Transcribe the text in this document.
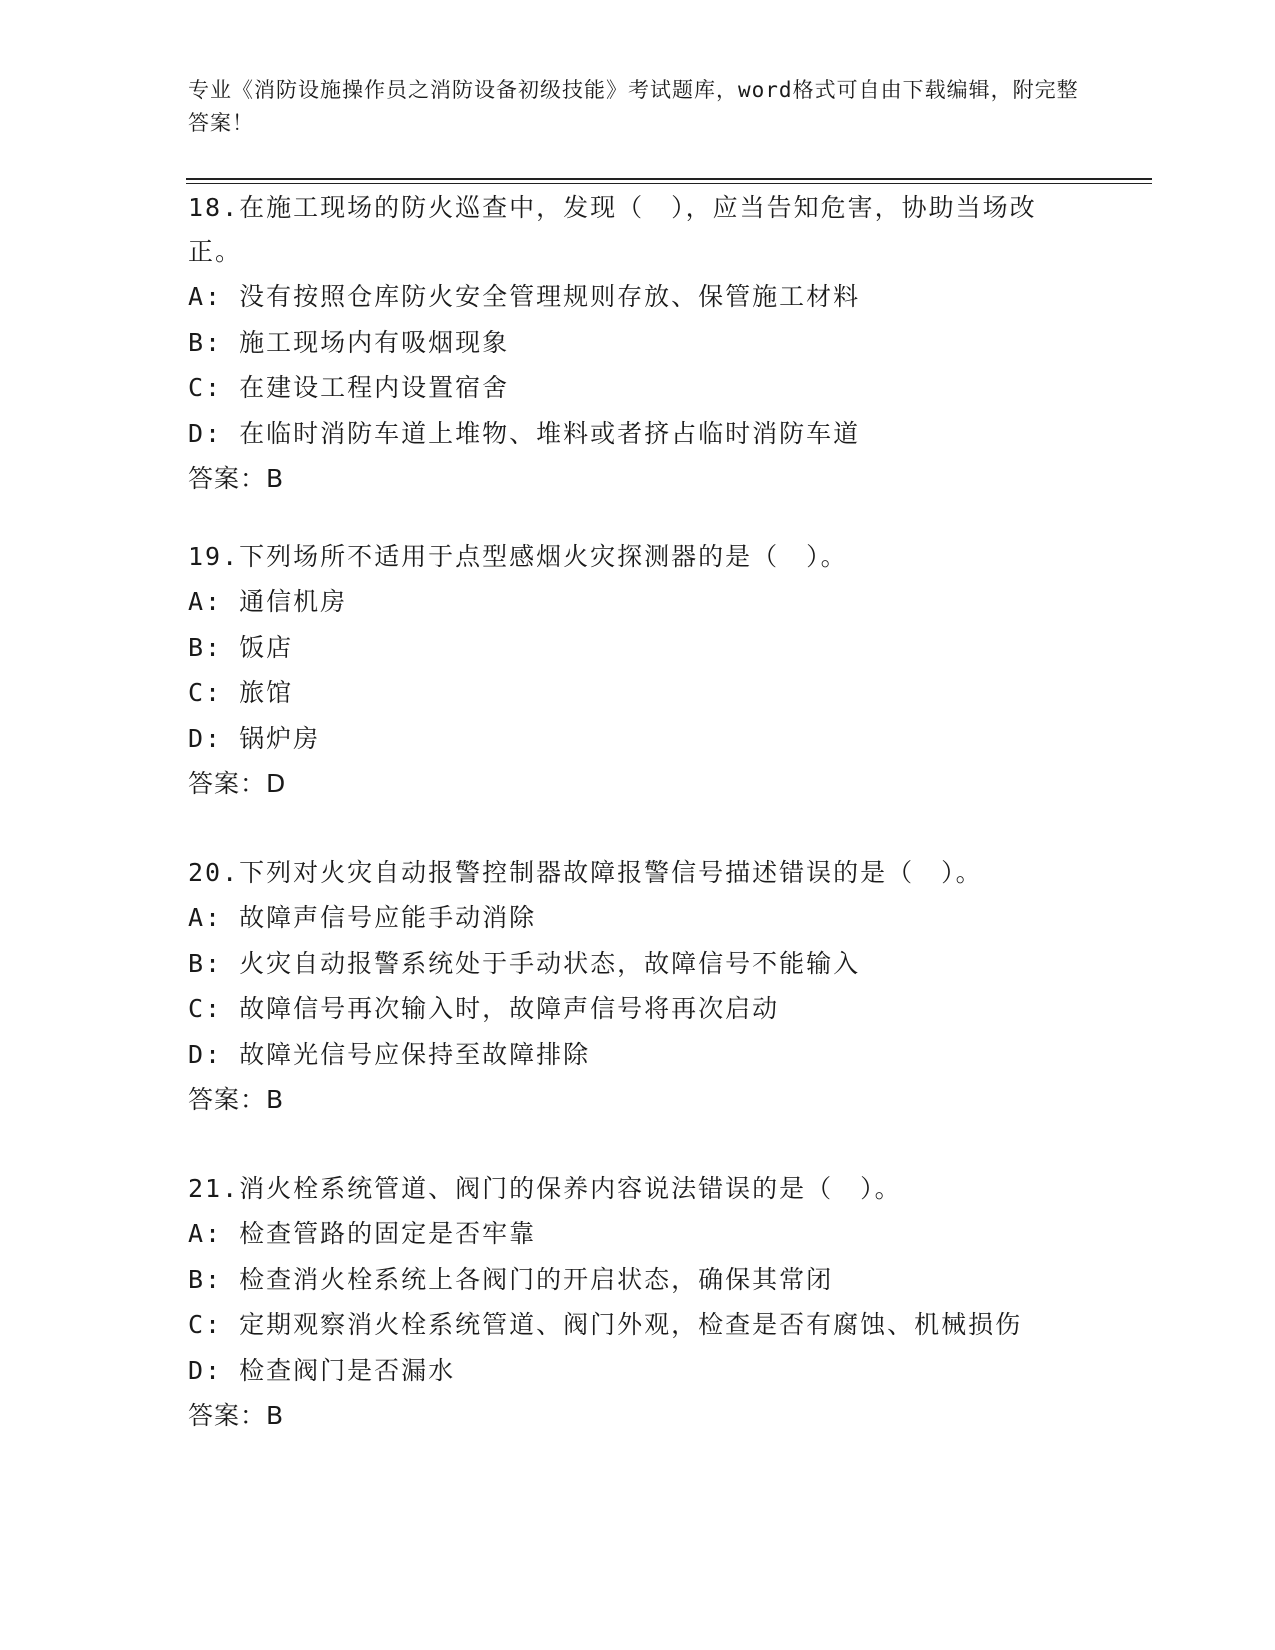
专业《消防设施操作员之消防设备初级技能》考试题库，word格式可自由下载编辑，附完整答案！

18.在施工现场的防火巡查中，发现（　），应当告知危害，协助当场改正。

A: 没有按照仓库防火安全管理规则存放、保管施工材料

B: 施工现场内有吸烟现象

C: 在建设工程内设置宿舍

D: 在临时消防车道上堆物、堆料或者挤占临时消防车道

答案：B

19.下列场所不适用于点型感烟火灾探测器的是（　）。

A: 通信机房

B: 饭店

C: 旅馆

D: 锅炉房

答案：D

20.下列对火灾自动报警控制器故障报警信号描述错误的是（　）。

A: 故障声信号应能手动消除

B: 火灾自动报警系统处于手动状态，故障信号不能输入

C: 故障信号再次输入时，故障声信号将再次启动

D: 故障光信号应保持至故障排除

答案：B

21.消火栓系统管道、阀门的保养内容说法错误的是（　）。

A: 检查管路的固定是否牢靠

B: 检查消火栓系统上各阀门的开启状态，确保其常闭

C: 定期观察消火栓系统管道、阀门外观，检查是否有腐蚀、机械损伤

D: 检查阀门是否漏水

答案：B
